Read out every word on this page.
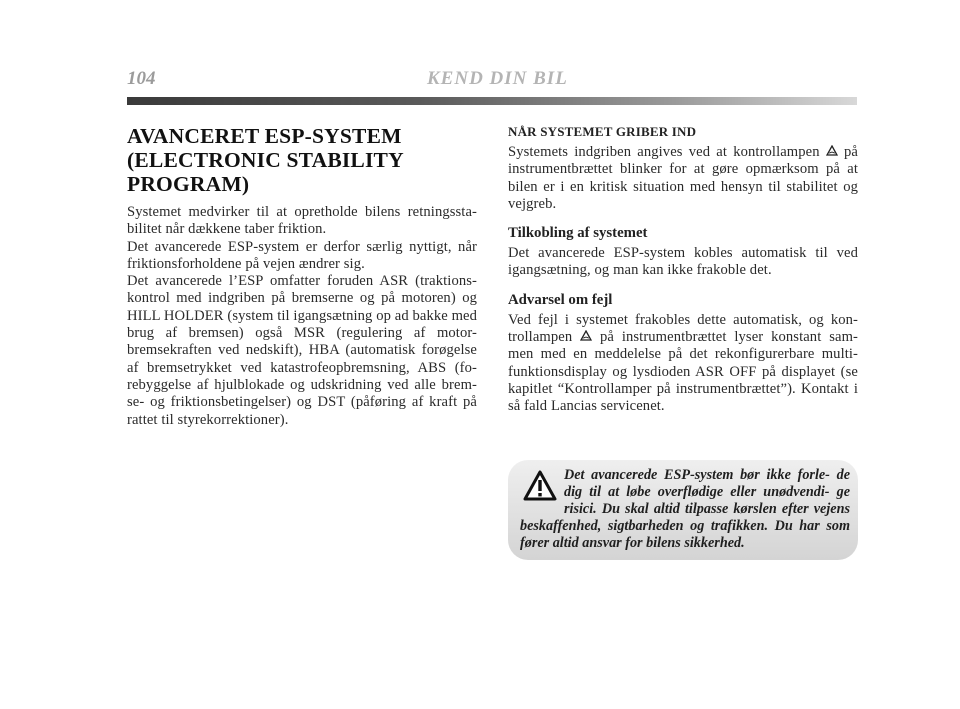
104	KEND DIN BIL
AVANCERET ESP-SYSTEM (ELECTRONIC STABILITY PROGRAM)

Systemet medvirker til at opretholde bilens retningssta- bilitet når dækkene taber friktion.

Det avancerede ESP-system er derfor særlig nyttigt, når friktionsforholdene på vejen ændrer sig.

Det avancerede l’ESP omfatter foruden ASR (traktions- kontrol med indgriben på bremserne og på motoren) og HILL HOLDER (system til igangsætning op ad bakke med brug af bremsen) også MSR (regulering af motor- bremsekraften ved nedskift), HBA (automatisk forøgelse af bremsetrykket ved katastrofeopbremsning, ABS (fo- rebyggelse af hjulblokade og udskridning ved alle brem- se- og friktionsbetingelser) og DST (påføring af kraft på rattet til styrekorrektioner).

NÅR SYSTEMET GRIBER IND

Systemets indgriben angives ved at kontrollampen på instrumentbrættet blinker for at gøre opmærksom på at bilen er i en kritisk situation med hensyn til stabilitet og vejgreb.

Tilkobling af systemet

Det avancerede ESP-system kobles automatisk til ved igangsætning, og man kan ikke frakoble det.

Advarsel om fejl

Ved fejl i systemet frakobles dette automatisk, og kon- trollampen på instrumentbrættet lyser konstant sam- men med en meddelelse på det rekonfigurerbare multi- funktionsdisplay og lysdioden ASR OFF på displayet (se kapitlet “Kontrollamper på instrumentbrættet”). Kontakt i så fald Lancias servicenet.

Det avancerede ESP-system bør ikke forle- de dig til at løbe overflødige eller unødvendi- ge risici. Du skal altid tilpasse kørslen efter vejens beskaffenhed, sigtbarheden og trafikken. Du har som fører altid ansvar for bilens sikkerhed.
